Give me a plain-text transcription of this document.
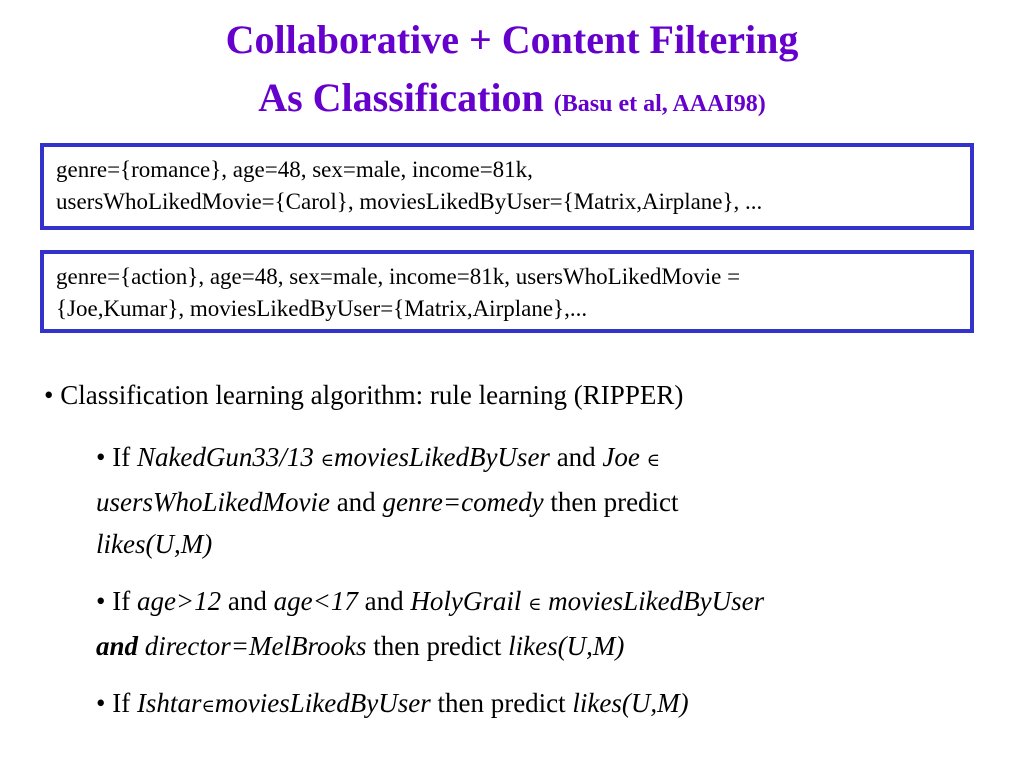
Collaborative + Content Filtering
As Classification (Basu et al, AAAI98)

genre={romance}, age=48, sex=male, income=81k,

usersWhoLikedMovie={Carol}, moviesLikedByUser={Matrix,Airplane}, ...

genre={action}, age=48, sex=male, income=81k, usersWhoLikedMovie =

{Joe,Kumar}, moviesLikedByUser={Matrix,Airplane},...

• Classification learning algorithm: rule learning (RIPPER)

• If NakedGun33/13 ∈moviesLikedByUser and Joe ∈

usersWhoLikedMovie and genre=comedy then predict

likes(U,M)

• If age>12 and age<17 and HolyGrail ∈ moviesLikedByUser

and director=MelBrooks then predict likes(U,M)

• If Ishtar∈moviesLikedByUser then predict likes(U,M)
